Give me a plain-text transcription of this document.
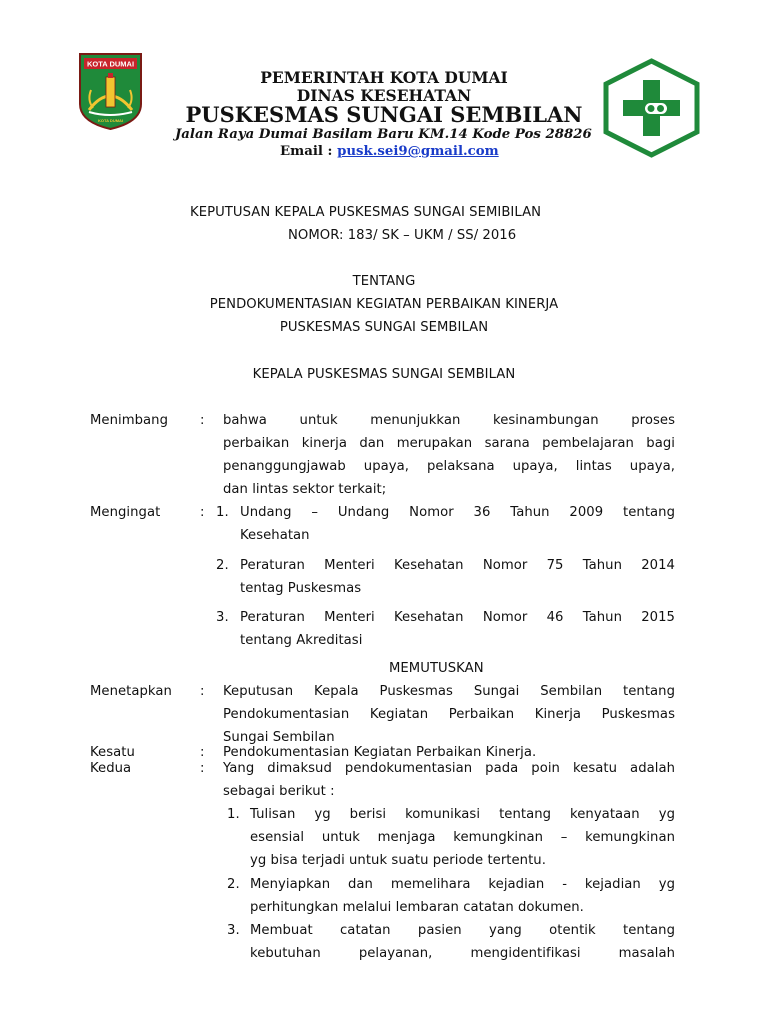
KOTA DUMAI
KOTA DUMAI
PEMERINTAH KOTA DUMAI
DINAS KESEHATAN
PUSKESMAS SUNGAI SEMBILAN
Jalan Raya Dumai Basilam Baru KM.14 Kode Pos 28826
Email : pusk.sei9@gmail.com
KEPUTUSAN KEPALA PUSKESMAS SUNGAI SEMIBILAN
NOMOR: 183/ SK – UKM / SS/ 2016
TENTANG
PENDOKUMENTASIAN KEGIATAN PERBAIKAN KINERJA
PUSKESMAS SUNGAI SEMBILAN
KEPALA PUSKESMAS SUNGAI SEMBILAN
Menimbang : bahwa untuk menunjukkan kesinambungan proses
perbaikan kinerja dan merupakan sarana pembelajaran bagi
penanggungjawab upaya, pelaksana upaya, lintas upaya,
dan lintas sektor terkait;
Mengingat	: 1. Undang – Undang Nomor 36 Tahun 2009 tentang
Kesehatan
2. Peraturan Menteri Kesehatan Nomor 75 Tahun 2014
tentag Puskesmas
3. Peraturan Menteri Kesehatan Nomor 46 Tahun 2015
tentang Akreditasi
MEMUTUSKAN
Menetapkan : Keputusan Kepala Puskesmas Sungai Sembilan tentang
Pendokumentasian Kegiatan Perbaikan Kinerja Puskesmas
Sungai Sembilan
Kesatu	: Pendokumentasian Kegiatan Perbaikan Kinerja.
Kedua	: Yang dimaksud pendokumentasian pada poin kesatu adalah
sebagai berikut :
1. Tulisan yg berisi komunikasi tentang kenyataan yg
esensial untuk menjaga kemungkinan – kemungkinan
yg bisa terjadi untuk suatu periode tertentu.
2. Menyiapkan dan memelihara kejadian - kejadian yg
perhitungkan melalui lembaran catatan dokumen.
3. Membuat catatan pasien yang otentik tentang
kebutuhan pelayanan, mengidentifikasi masalah
